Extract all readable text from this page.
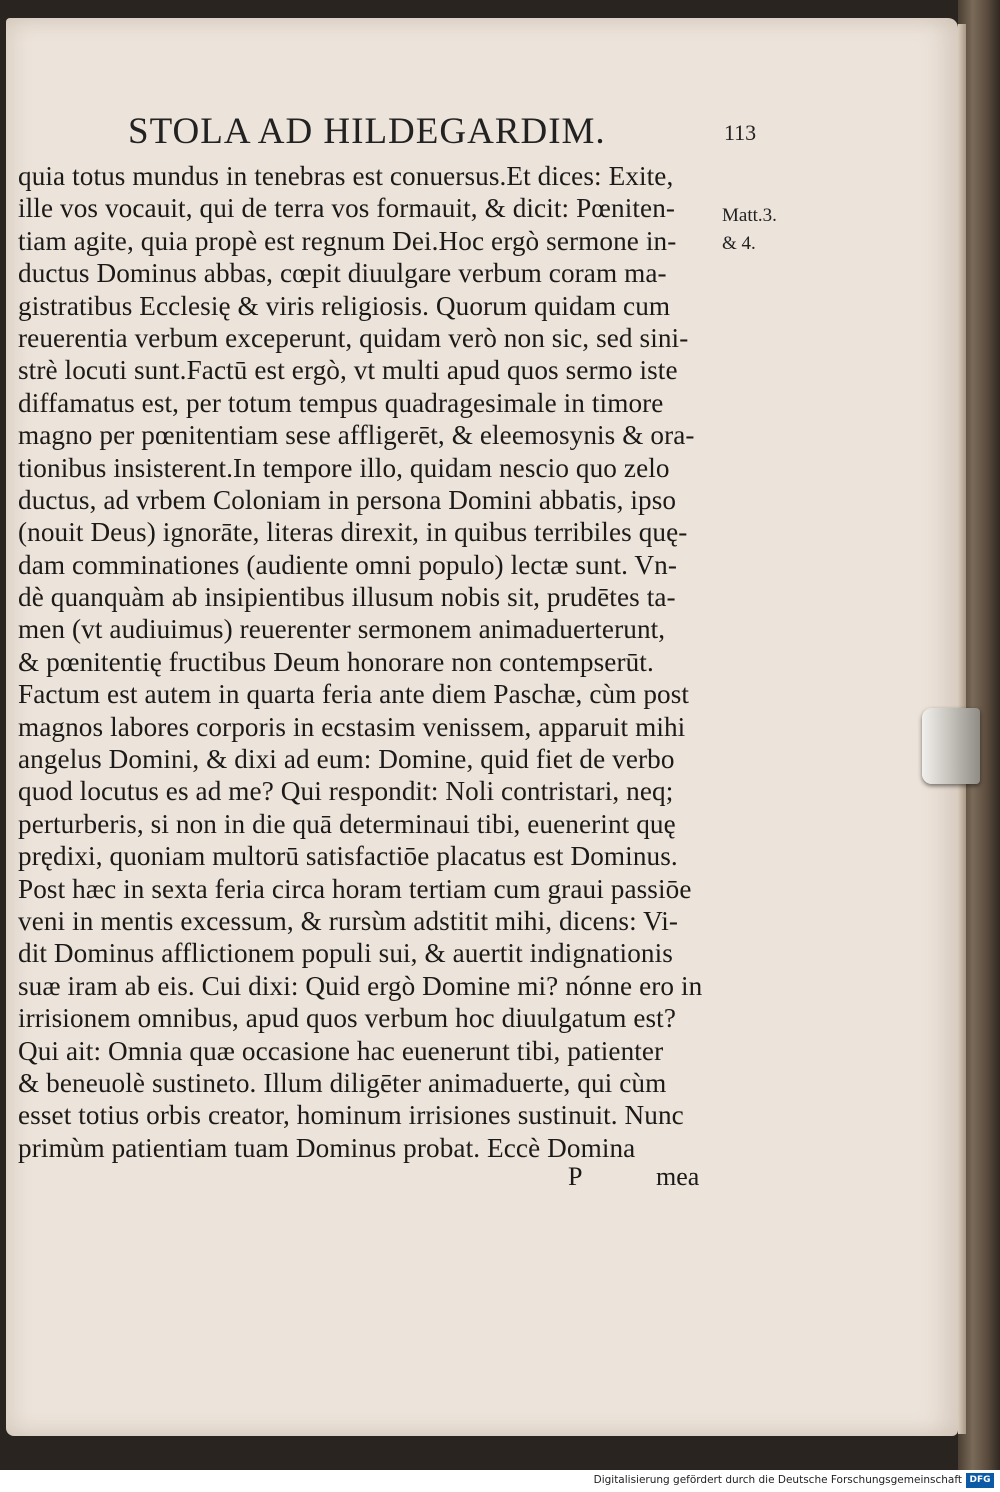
STOLA AD HILDEGARDIM.	113
quia totus mundus in tenebras est conuersus.Et dices: Exite,
ille vos vocauit, qui de terra vos formauit, & dicit: Pœniten-
tiam agite, quia propè est regnum Dei.Hoc ergò sermone in-
ductus Dominus abbas, cœpit diuulgare verbum coram ma-
gistratibus Ecclesię & viris religiosis. Quorum quidam cum
reuerentia verbum exceperunt, quidam verò non sic, sed sini-
strè locuti sunt.Factū est ergò, vt multi apud quos sermo iste
diffamatus est, per totum tempus quadragesimale in timore
magno per pœnitentiam sese affligerēt, & eleemosynis & ora-
tionibus insisterent.In tempore illo, quidam nescio quo zelo
ductus, ad vrbem Coloniam in persona Domini abbatis, ipso
(nouit Deus) ignorāte, literas direxit, in quibus terribiles quę-
dam comminationes (audiente omni populo) lectæ sunt. Vn-
dè quanquàm ab insipientibus illusum nobis sit, prudētes ta-
men (vt audiuimus) reuerenter sermonem animaduerterunt,
& pœnitentię fructibus Deum honorare non contempserūt.
Factum est autem in quarta feria ante diem Paschæ, cùm post
magnos labores corporis in ecstasim venissem, apparuit mihi
angelus Domini, & dixi ad eum: Domine, quid fiet de verbo
quod locutus es ad me? Qui respondit: Noli contristari, neq;
perturberis, si non in die quā determinaui tibi, euenerint quę
prędixi, quoniam multorū satisfactiōe placatus est Dominus.
Post hæc in sexta feria circa horam tertiam cum graui passiōe
veni in mentis excessum, & rursùm adstitit mihi, dicens: Vi-
dit Dominus afflictionem populi sui, & auertit indignationis
suæ iram ab eis. Cui dixi: Quid ergò Domine mi? nónne ero in
irrisionem omnibus, apud quos verbum hoc diuulgatum est?
Qui ait: Omnia quæ occasione hac euenerunt tibi, patienter
& beneuolè sustineto. Illum diligēter animaduerte, qui cùm
esset totius orbis creator, hominum irrisiones sustinuit. Nunc
primùm patientiam tuam Dominus probat. Eccè Domina
Matt.3.
& 4.
P	mea
Digitalisierung gefördert durch die Deutsche Forschungsgemeinschaft DFG
